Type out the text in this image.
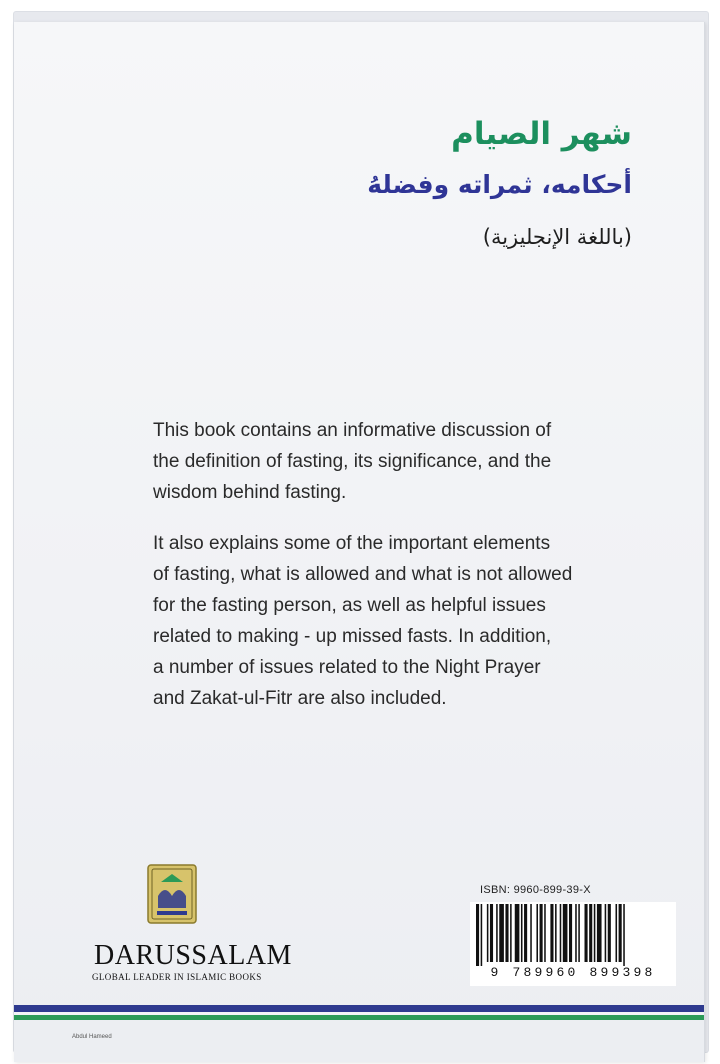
شهر الصيام
أحكامه، ثمراته وفضلهُ
(باللغة الإنجليزية)
This book contains an informative discussion of
the definition of fasting, its significance, and the
wisdom behind fasting.
It also explains some of the important elements
of fasting, what is allowed and what is not allowed
for the fasting person, as well as helpful issues
related to making - up missed fasts. In addition,
a number of issues related to the Night Prayer
and Zakat-ul-Fitr are also included.
DARUSSALAM
GLOBAL LEADER IN ISLAMIC BOOKS
ISBN: 9960-899-39-X
9 789960 899398
Abdul Hameed
